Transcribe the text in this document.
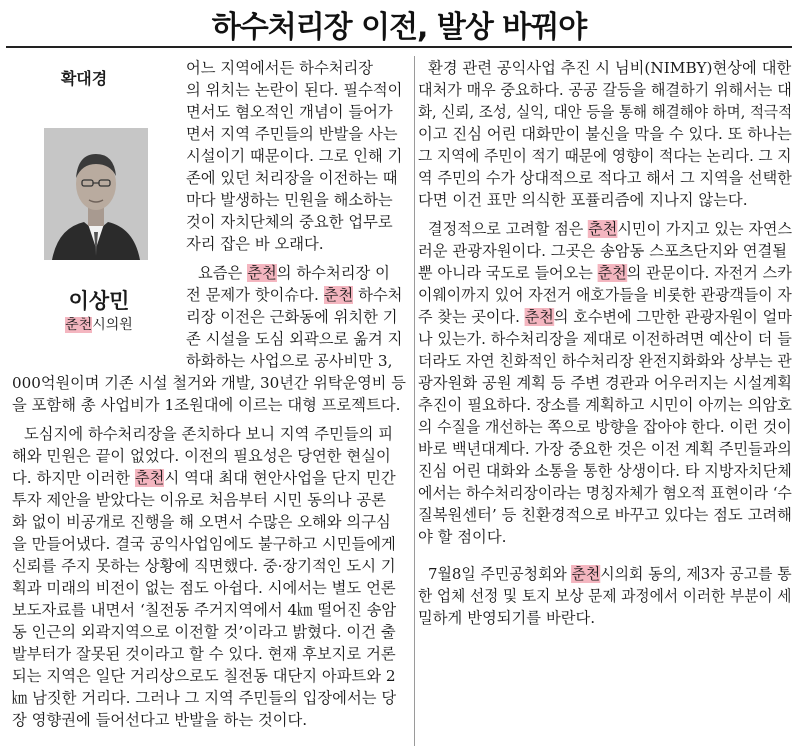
하수처리장 이전, 발상 바꿔야
확대경
이상민
춘천시의원
어느 지역에서든 하수처리장
의 위치는 논란이 된다. 필수적이
면서도 혐오적인 개념이 들어가
면서 지역 주민들의 반발을 사는
시설이기 때문이다. 그로 인해 기
존에 있던 처리장을 이전하는 때
마다 발생하는 민원을 해소하는
것이 자치단체의 중요한 업무로
자리 잡은 바 오래다.
요즘은 춘천의 하수처리장 이
전 문제가 핫이슈다. 춘천 하수처
리장 이전은 근화동에 위치한 기
존 시설을 도심 외곽으로 옮겨 지
하화하는 사업으로 공사비만 3,
000억원이며 기존 시설 철거와 개발, 30년간 위탁운영비 등
을 포함해 총 사업비가 1조원대에 이르는 대형 프로젝트다.
도심지에 하수처리장을 존치하다 보니 지역 주민들의 피
해와 민원은 끝이 없었다. 이전의 필요성은 당연한 현실이
다. 하지만 이러한 춘천시 역대 최대 현안사업을 단지 민간
투자 제안을 받았다는 이유로 처음부터 시민 동의나 공론
화 없이 비공개로 진행을 해 오면서 수많은 오해와 의구심
을 만들어냈다. 결국 공익사업임에도 불구하고 시민들에게
신뢰를 주지 못하는 상황에 직면했다. 중·장기적인 도시 기
획과 미래의 비전이 없는 점도 아쉽다. 시에서는 별도 언론
보도자료를 내면서 ‘칠전동 주거지역에서 4㎞ 떨어진 송암
동 인근의 외곽지역으로 이전할 것’이라고 밝혔다. 이건 출
발부터가 잘못된 것이라고 할 수 있다. 현재 후보지로 거론
되는 지역은 일단 거리상으로도 칠전동 대단지 아파트와 2
㎞ 남짓한 거리다. 그러나 그 지역 주민들의 입장에서는 당
장 영향권에 들어선다고 반발을 하는 것이다.
환경 관련 공익사업 추진 시 님비(NIMBY)현상에 대한
대처가 매우 중요하다. 공공 갈등을 해결하기 위해서는 대
화, 신뢰, 조성, 실익, 대안 등을 통해 해결해야 하며, 적극적
이고 진심 어린 대화만이 불신을 막을 수 있다. 또 하나는
그 지역에 주민이 적기 때문에 영향이 적다는 논리다. 그 지
역 주민의 수가 상대적으로 적다고 해서 그 지역을 선택한
다면 이건 표만 의식한 포퓰리즘에 지나지 않는다.
결정적으로 고려할 점은 춘천시민이 가지고 있는 자연스
러운 관광자원이다. 그곳은 송암동 스포츠단지와 연결될
뿐 아니라 국도로 들어오는 춘천의 관문이다. 자전거 스카
이웨이까지 있어 자전거 애호가들을 비롯한 관광객들이 자
주 찾는 곳이다. 춘천의 호수변에 그만한 관광자원이 얼마
나 있는가. 하수처리장을 제대로 이전하려면 예산이 더 들
더라도 자연 친화적인 하수처리장 완전지화화와 상부는 관
광자원화 공원 계획 등 주변 경관과 어우러지는 시설계획
추진이 필요하다. 장소를 계획하고 시민이 아끼는 의암호
의 수질을 개선하는 쪽으로 방향을 잡아야 한다. 이런 것이
바로 백년대계다. 가장 중요한 것은 이전 계획 주민들과의
진심 어린 대화와 소통을 통한 상생이다. 타 지방자치단체
에서는 하수처리장이라는 명칭자체가 혐오적 표현이라 ‘수
질복원센터’ 등 친환경적으로 바꾸고 있다는 점도 고려해
야 할 점이다.
7월8일 주민공청회와 춘천시의회 동의, 제3자 공고를 통
한 업체 선정 및 토지 보상 문제 과정에서 이러한 부분이 세
밀하게 반영되기를 바란다.
